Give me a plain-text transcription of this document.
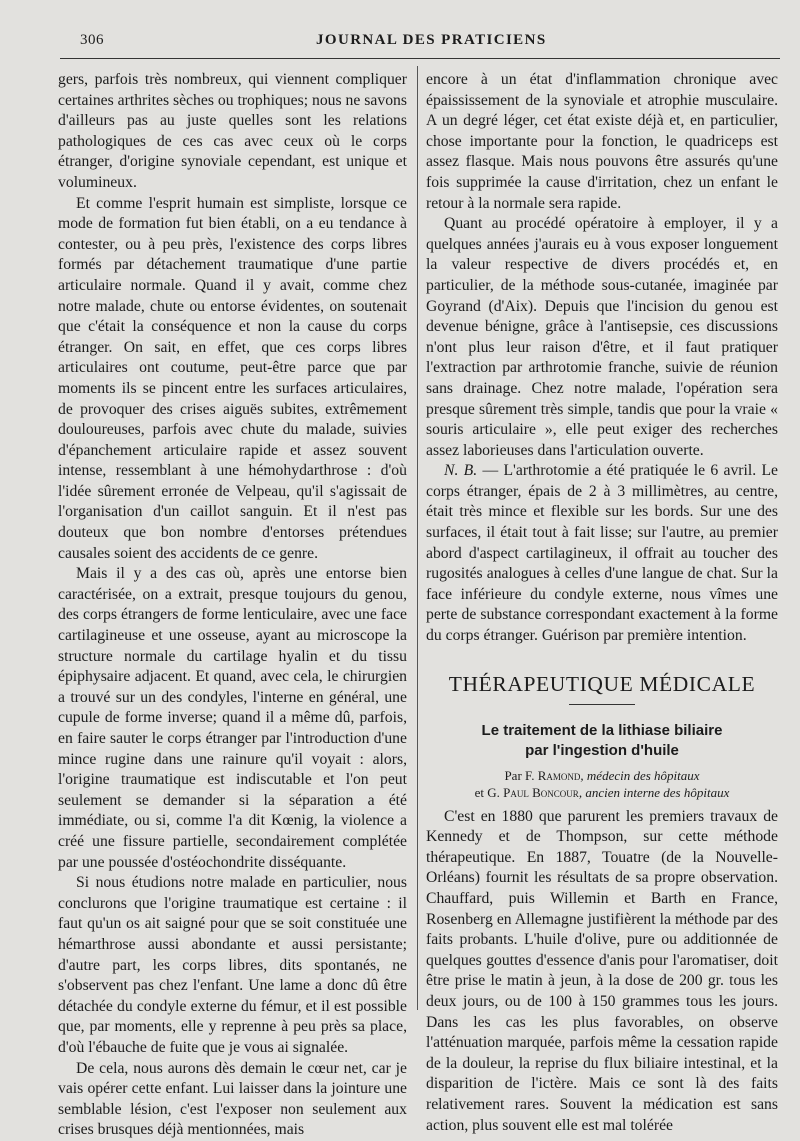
306	JOURNAL DES PRATICIENS

gers, parfois très nombreux, qui viennent compliquer certaines arthrites sèches ou trophiques; nous ne savons d'ailleurs pas au juste quelles sont les relations pathologiques de ces cas avec ceux où le corps étranger, d'origine synoviale cependant, est unique et volumineux.

Et comme l'esprit humain est simpliste, lorsque ce mode de formation fut bien établi, on a eu tendance à contester, ou à peu près, l'existence des corps libres formés par détachement traumatique d'une partie articulaire normale. Quand il y avait, comme chez notre malade, chute ou entorse évidentes, on soutenait que c'était la conséquence et non la cause du corps étranger. On sait, en effet, que ces corps libres articulaires ont coutume, peut-être parce que par moments ils se pincent entre les surfaces articulaires, de provoquer des crises aiguës subites, extrêmement douloureuses, parfois avec chute du malade, suivies d'épanchement articulaire rapide et assez souvent intense, ressemblant à une hémohydarthrose : d'où l'idée sûrement erronée de Velpeau, qu'il s'agissait de l'organisation d'un caillot sanguin. Et il n'est pas douteux que bon nombre d'entorses prétendues causales soient des accidents de ce genre.

Mais il y a des cas où, après une entorse bien caractérisée, on a extrait, presque toujours du genou, des corps étrangers de forme lenticulaire, avec une face cartilagineuse et une osseuse, ayant au microscope la structure normale du cartilage hyalin et du tissu épiphysaire adjacent. Et quand, avec cela, le chirurgien a trouvé sur un des condyles, l'interne en général, une cupule de forme inverse; quand il a même dû, parfois, en faire sauter le corps étranger par l'introduction d'une mince rugine dans une rainure qu'il voyait : alors, l'origine traumatique est indiscutable et l'on peut seulement se demander si la séparation a été immédiate, ou si, comme l'a dit Kœnig, la violence a créé une fissure partielle, secondairement complétée par une poussée d'ostéochondrite disséquante.

Si nous étudions notre malade en particulier, nous conclurons que l'origine traumatique est certaine : il faut qu'un os ait saigné pour que se soit constituée une hémarthrose aussi abondante et aussi persistante; d'autre part, les corps libres, dits spontanés, ne s'observent pas chez l'enfant. Une lame a donc dû être détachée du condyle externe du fémur, et il est possible que, par moments, elle y reprenne à peu près sa place, d'où l'ébauche de fuite que je vous ai signalée.

De cela, nous aurons dès demain le cœur net, car je vais opérer cette enfant. Lui laisser dans la jointure une semblable lésion, c'est l'exposer non seulement aux crises brusques déjà mentionnées, mais

encore à un état d'inflammation chronique avec épaississement de la synoviale et atrophie musculaire. A un degré léger, cet état existe déjà et, en particulier, chose importante pour la fonction, le quadriceps est assez flasque. Mais nous pouvons être assurés qu'une fois supprimée la cause d'irritation, chez un enfant le retour à la normale sera rapide.

Quant au procédé opératoire à employer, il y a quelques années j'aurais eu à vous exposer longuement la valeur respective de divers procédés et, en particulier, de la méthode sous-cutanée, imaginée par Goyrand (d'Aix). Depuis que l'incision du genou est devenue bénigne, grâce à l'antisepsie, ces discussions n'ont plus leur raison d'être, et il faut pratiquer l'extraction par arthrotomie franche, suivie de réunion sans drainage. Chez notre malade, l'opération sera presque sûrement très simple, tandis que pour la vraie « souris articulaire », elle peut exiger des recherches assez laborieuses dans l'articulation ouverte.

N. B. — L'arthrotomie a été pratiquée le 6 avril. Le corps étranger, épais de 2 à 3 millimètres, au centre, était très mince et flexible sur les bords. Sur une des surfaces, il était tout à fait lisse; sur l'autre, au premier abord d'aspect cartilagineux, il offrait au toucher des rugosités analogues à celles d'une langue de chat. Sur la face inférieure du condyle externe, nous vîmes une perte de substance correspondant exactement à la forme du corps étranger. Guérison par première intention.

THÉRAPEUTIQUE MÉDICALE
Le traitement de la lithiase biliaire
par l'ingestion d'huile
Par F. Ramond, médecin des hôpitaux
et G. Paul Boncour, ancien interne des hôpitaux

C'est en 1880 que parurent les premiers travaux de Kennedy et de Thompson, sur cette méthode thérapeutique. En 1887, Touatre (de la Nouvelle-Orléans) fournit les résultats de sa propre observation. Chauffard, puis Willemin et Barth en France, Rosenberg en Allemagne justifièrent la méthode par des faits probants. L'huile d'olive, pure ou additionnée de quelques gouttes d'essence d'anis pour l'aromatiser, doit être prise le matin à jeun, à la dose de 200 gr. tous les deux jours, ou de 100 à 150 grammes tous les jours. Dans les cas les plus favorables, on observe l'atténuation marquée, parfois même la cessation rapide de la douleur, la reprise du flux biliaire intestinal, et la disparition de l'ictère. Mais ce sont là des faits relativement rares. Souvent la médication est sans action, plus souvent elle est mal tolérée
